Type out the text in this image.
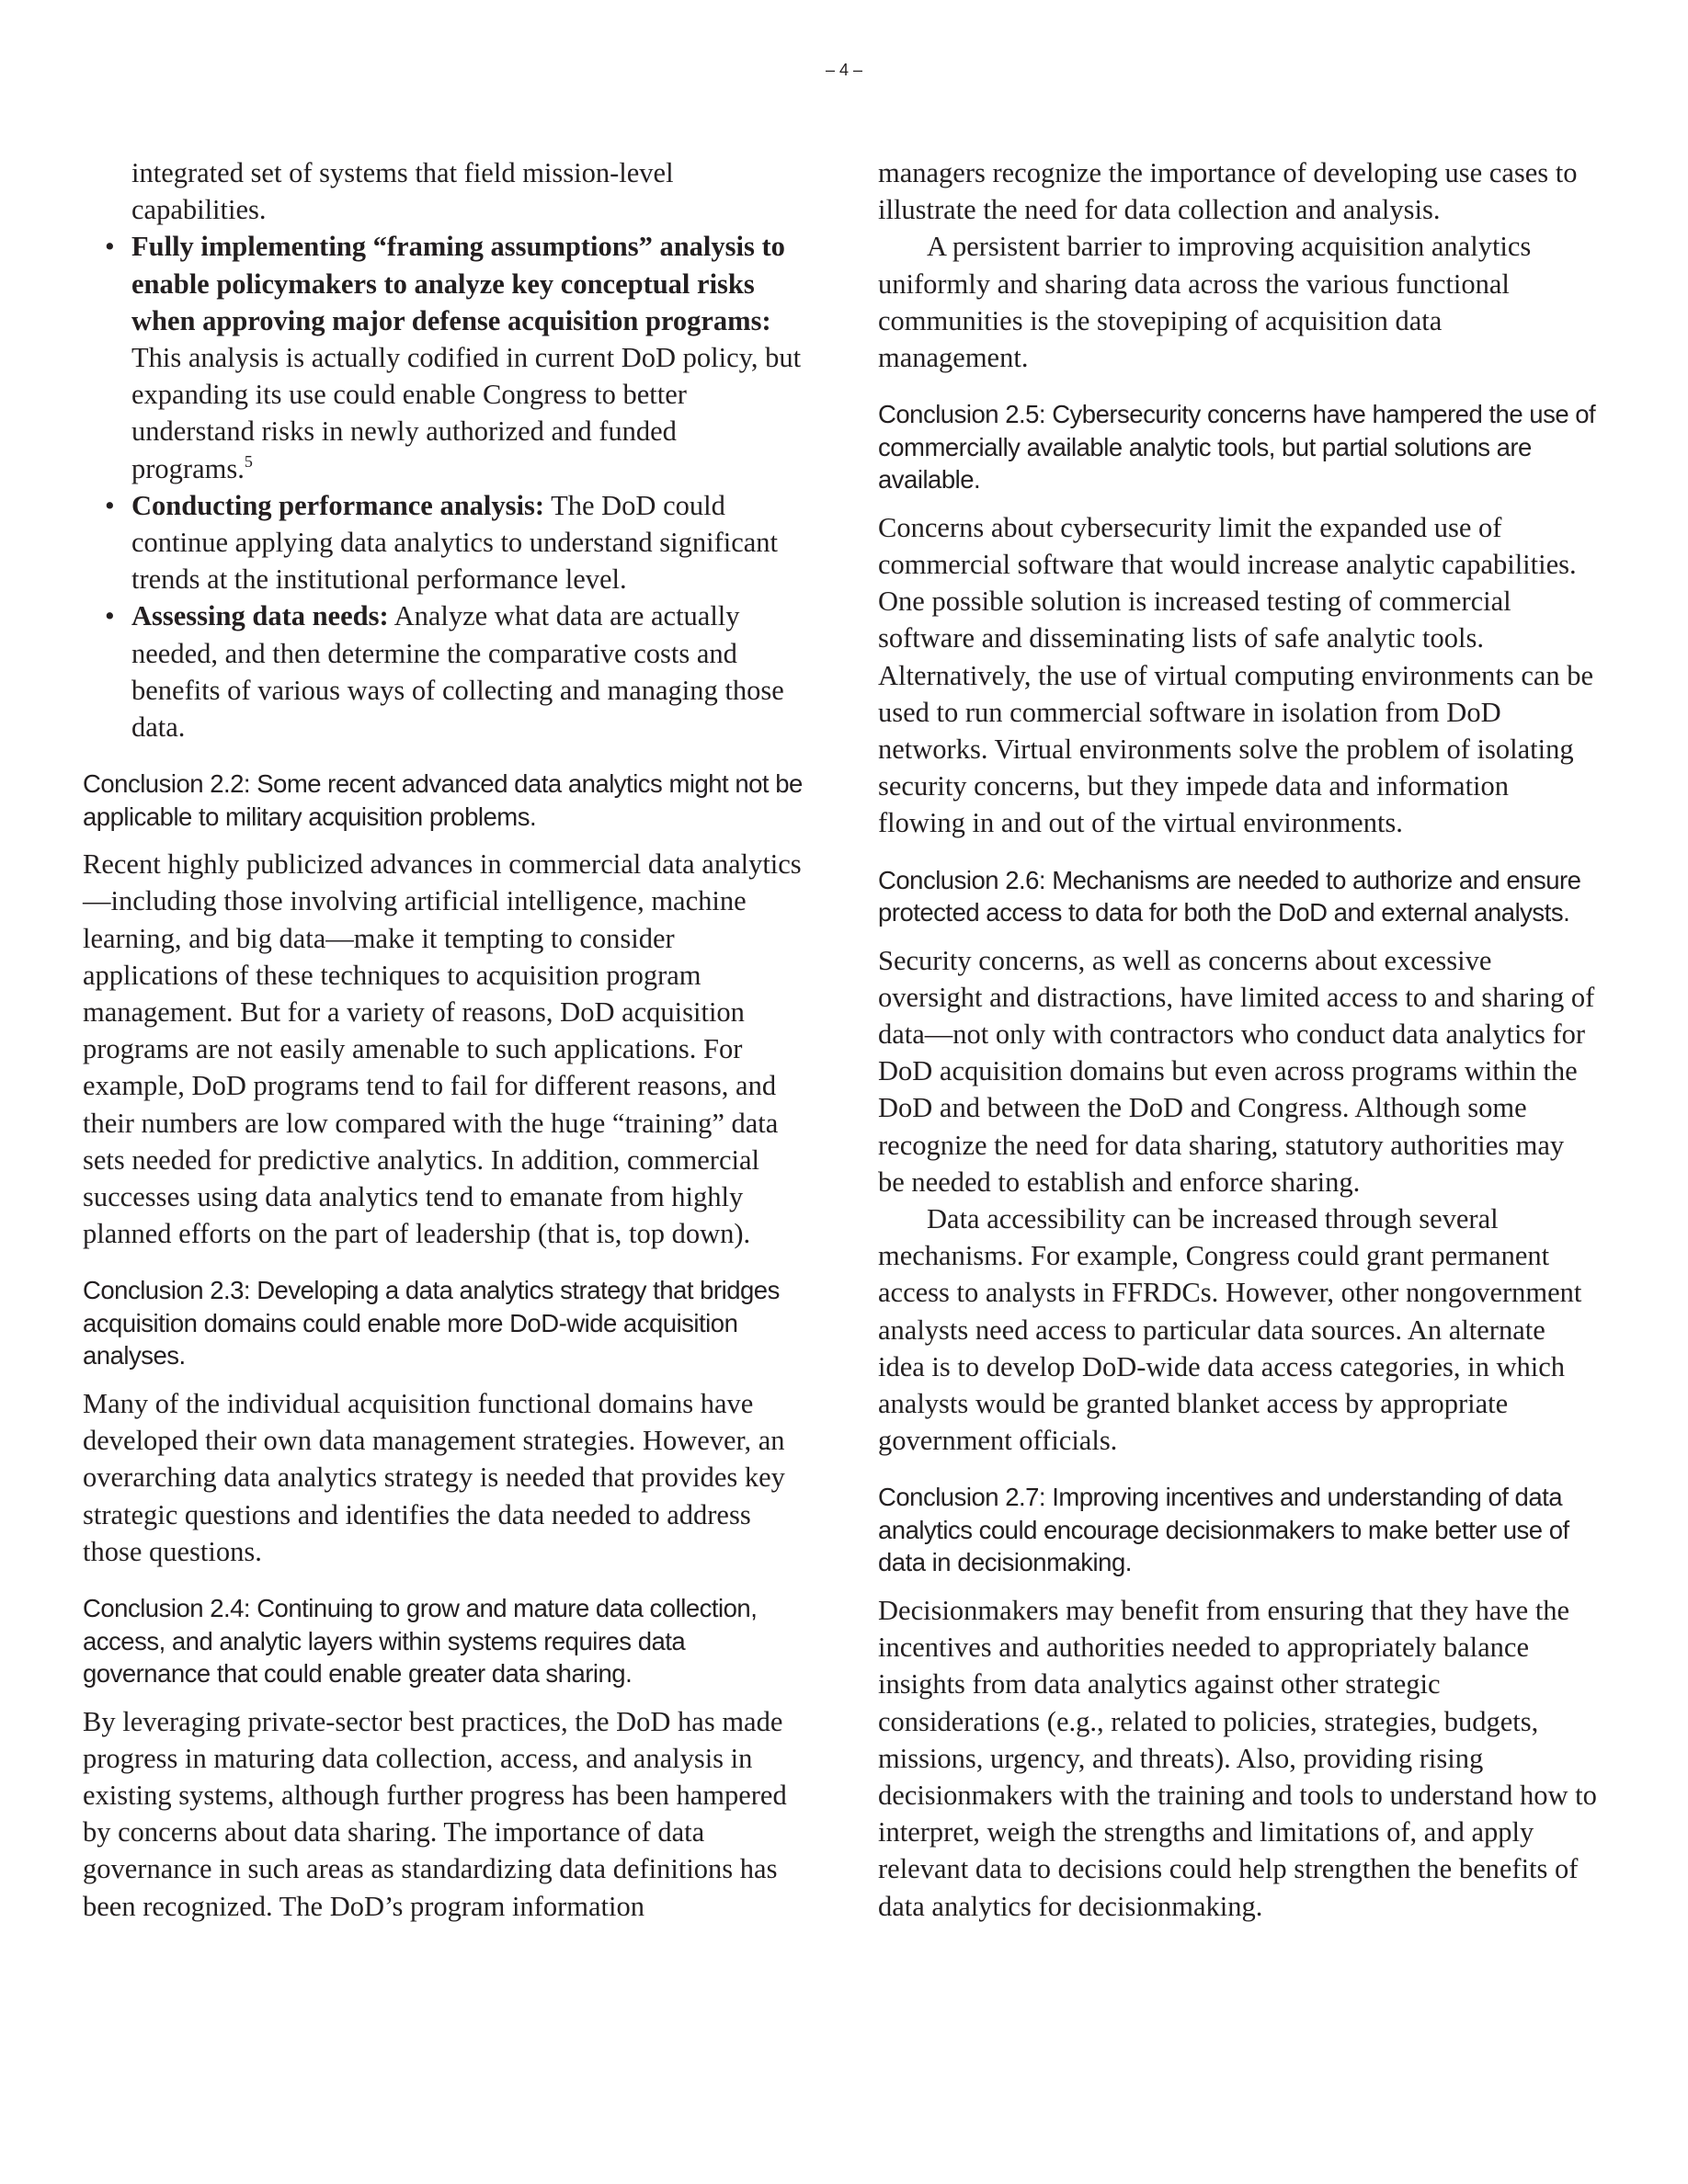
– 4 –

integrated set of systems that field mission-level capabilities.

• Fully implementing “framing assumptions” analysis to enable policymakers to analyze key conceptual risks when approving major defense acquisition programs: This analysis is actually codified in current DoD policy, but expanding its use could enable Congress to better understand risks in newly authorized and funded programs.$^5$
• Conducting performance analysis: The DoD could continue applying data analytics to understand significant trends at the institutional performance level.
• Assessing data needs: Analyze what data are actually needed, and then determine the comparative costs and benefits of various ways of collecting and managing those data.
Conclusion 2.2: Some recent advanced data analytics might not be applicable to military acquisition problems.

Recent highly publicized advances in commercial data analytics—including those involving artificial intelligence, machine learning, and big data—make it tempting to consider applications of these techniques to acquisition program management. But for a variety of reasons, DoD acquisition programs are not easily amenable to such applications. For example, DoD programs tend to fail for different reasons, and their numbers are low compared with the huge “training” data sets needed for predictive analytics. In addition, commercial successes using data analytics tend to emanate from highly planned efforts on the part of leadership (that is, top down).

Conclusion 2.3: Developing a data analytics strategy that bridges acquisition domains could enable more DoD-wide acquisition analyses.

Many of the individual acquisition functional domains have developed their own data management strategies. However, an overarching data analytics strategy is needed that provides key strategic questions and identifies the data needed to address those questions.

Conclusion 2.4: Continuing to grow and mature data collection, access, and analytic layers within systems requires data governance that could enable greater data sharing.

By leveraging private-sector best practices, the DoD has made progress in maturing data collection, access, and analysis in existing systems, although further progress has been hampered by concerns about data sharing. The importance of data governance in such areas as standardizing data definitions has been recognized. The DoD’s program information

managers recognize the importance of developing use cases to illustrate the need for data collection and analysis.

A persistent barrier to improving acquisition analytics uniformly and sharing data across the various functional communities is the stovepiping of acquisition data management.

Conclusion 2.5: Cybersecurity concerns have hampered the use of commercially available analytic tools, but partial solutions are available.

Concerns about cybersecurity limit the expanded use of commercial software that would increase analytic capabilities. One possible solution is increased testing of commercial software and disseminating lists of safe analytic tools. Alternatively, the use of virtual computing environments can be used to run commercial software in isolation from DoD networks. Virtual environments solve the problem of isolating security concerns, but they impede data and information flowing in and out of the virtual environments.

Conclusion 2.6: Mechanisms are needed to authorize and ensure protected access to data for both the DoD and external analysts.

Security concerns, as well as concerns about excessive oversight and distractions, have limited access to and sharing of data—not only with contractors who conduct data analytics for DoD acquisition domains but even across programs within the DoD and between the DoD and Congress. Although some recognize the need for data sharing, statutory authorities may be needed to establish and enforce sharing.

Data accessibility can be increased through several mechanisms. For example, Congress could grant permanent access to analysts in FFRDCs. However, other nongovernment analysts need access to particular data sources. An alternate idea is to develop DoD-wide data access categories, in which analysts would be granted blanket access by appropriate government officials.

Conclusion 2.7: Improving incentives and understanding of data analytics could encourage decisionmakers to make better use of data in decisionmaking.

Decisionmakers may benefit from ensuring that they have the incentives and authorities needed to appropriately balance insights from data analytics against other strategic considerations (e.g., related to policies, strategies, budgets, missions, urgency, and threats). Also, providing rising decisionmakers with the training and tools to understand how to interpret, weigh the strengths and limitations of, and apply relevant data to decisions could help strengthen the benefits of data analytics for decisionmaking.
